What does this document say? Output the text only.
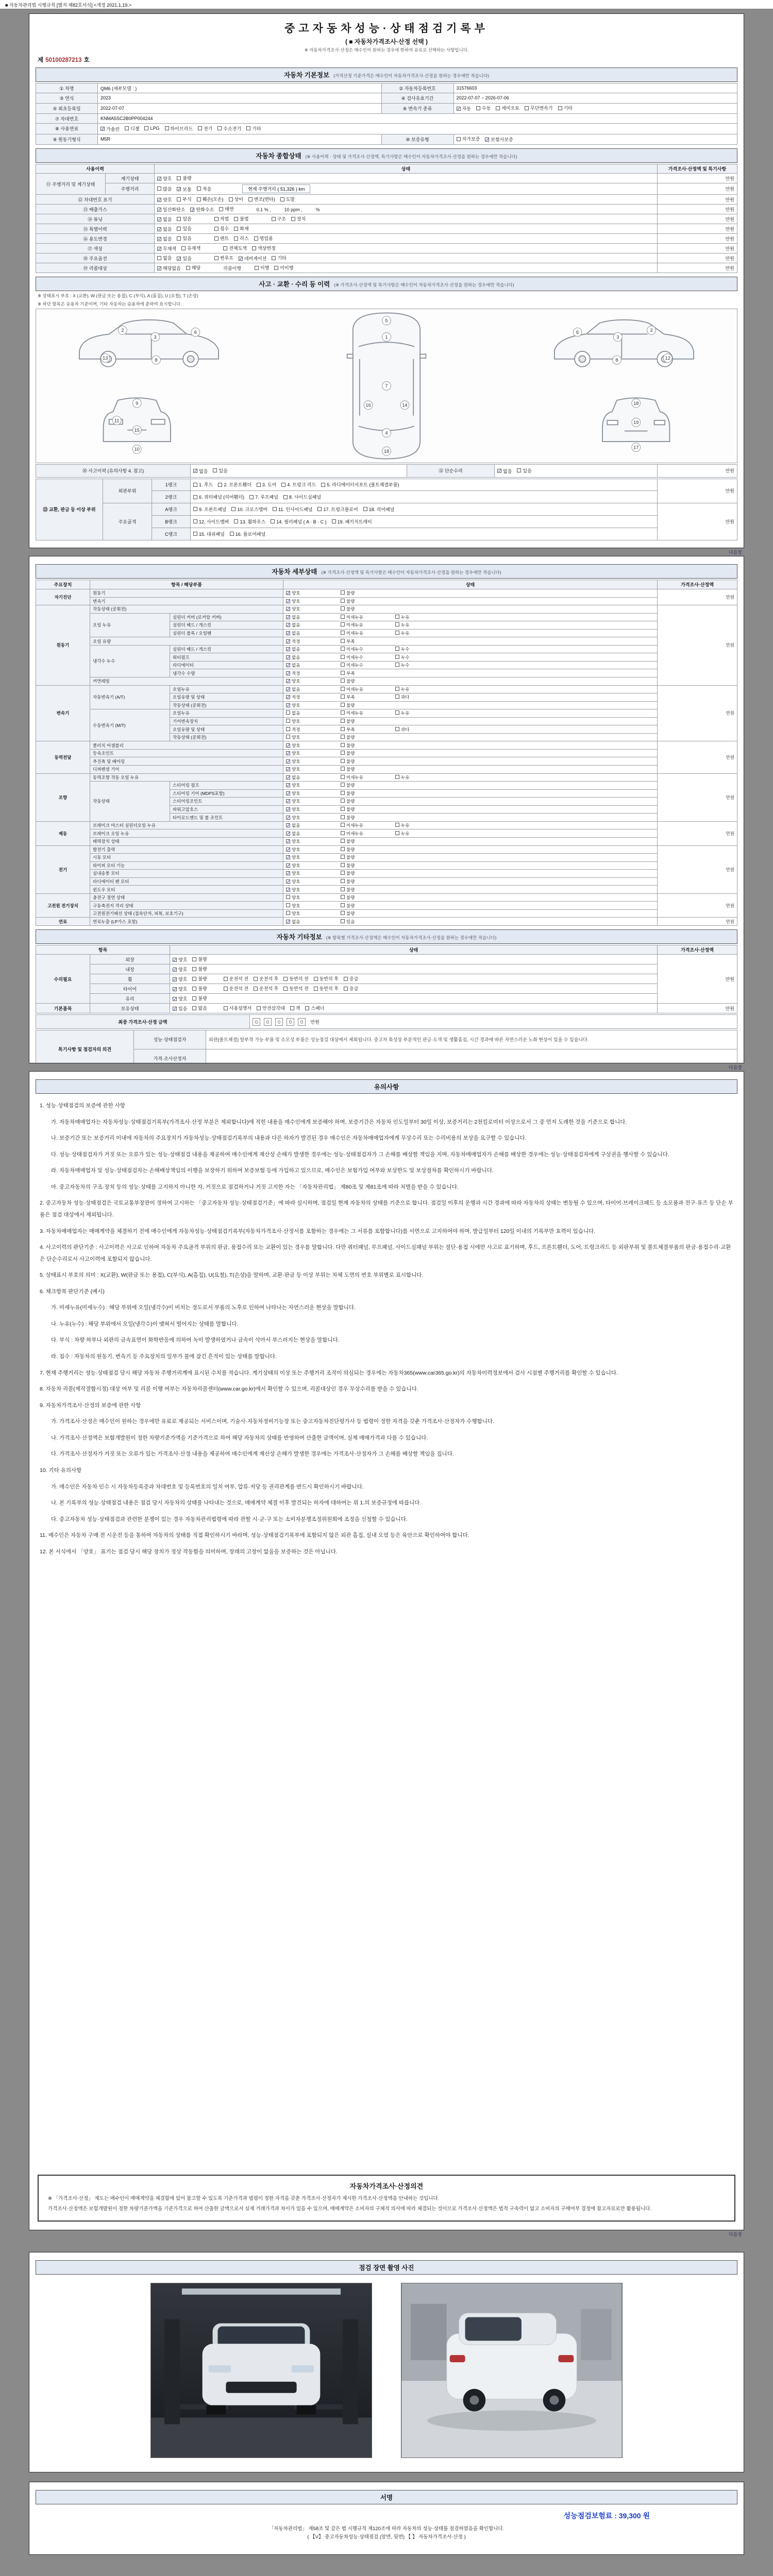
■ 자동차관리법 시행규칙 [별지 제82호서식] <개정 2021.1.19.>
중고자동차성능·상태점검기록부
( ■ 자동차가격조사·산정 선택 )
※ 자동차가격조사·산정은 매수인이 원하는 경우에 한하여 유료로 선택하는 사항입니다.
제 50100287213 호
자동차 기본정보 (가격산정 기준가격은 매수인이 자동차가격조사·산정을 원하는 경우에만 적습니다)
① 차명	QM6 (세부모델 : )	② 자동차등록번호	31576603
③ 연식	2023	④ 검사유효기간	2022-07-07 ~ 2026-07-06
⑤ 최초등록일	2022-07-07	⑥ 변속기 종류	✓ 자동 수동 세미오토 무단변속기 기타

⑦ 차대번호	KNMA5SC2B0PP004244		
⑧ 사용연료	✓ 가솔린 디젤 LPG 하이브리드 전기 수소전기 기타

⑨ 원동기형식	M5R	⑩ 보증유형	자가보증 ✓ 보험사보증
자동차 종합상태 (※ 사용이력 · 상태 및 가격조사·산정액, 특기사항은 매수인이 자동차가격조사·산정을 원하는 경우에만 적습니다)
사용이력		상태	가격조사·산정액 및 특기사항
⑪ 주행거리 및 계기상태	계기상태	✓ 양호 불량	만원
	주행거리	많음 ✓ 보통 적음 현재 주행거리 ( 51,326 ) km	만원
⑫ 차대번호 표기	✓ 양호 부식 훼손(오손) 상이 변조(변타) 도말	만원
⑬ 배출가스	✓ 일산화탄소 ✓ 탄화수소 매연	0.1 % ,	10 ppm ,	%	만원
⑭ 튜닝	✓ 없음 있음	적법 불법	구조 장치	만원
⑮ 특별이력		✓ 없음 있음 침수 화재	만원
⑯ 용도변경	✓ 없음 있음	렌트 리스 영업용	만원
⑰ 색상		✓ 무채색 유채색 전체도색 색상변경	만원
⑱ 주요옵션	없음 ✓ 있음	썬루프 ✓ 네비게이션 기타	만원
⑲ 리콜대상	✓ 해당없음 해당	리콜이행	이행 미이행	만원
사고 · 교환 · 수리 등 이력 (※ 가격조사·산정액 및 특기사항은 매수인이 자동차가격조사·산정을 원하는 경우에만 적습니다)
※ 상태표시 부호 : X (교환), W (판금 또는 용접), C (부식), A (흠집), U (요철), T (손상)
※ 하단 항목은 승용차 기준이며, 기타 자동차는 승용차에 준하여 표시합니다.
2
3
6
8
13
5
1
7
4
18
16	14
2
3
6
8	12
9
11
15
10
18
19
17
⑳ 사고이력 (유의사항 4. 참고)	✓ 없음 있음	㉑ 단순수리	✓ 없음 있음	만원
㉒ 교환, 판금 등 이상 부위	외판부위	1랭크	1. 후드 2. 프론트휀더 3. 도어 4. 트렁크 리드 5. 라디에이터서포트 (볼트체결부품)	만원
		2랭크	6. 쿼터패널 (리어휀더) 7. 루프패널 8. 사이드실패널	

	주요골격	A랭크	9. 프론트패널 10. 크로스멤버 11. 인사이드패널 17. 트렁크플로어 18. 리어패널	만원
		B랭크	12. 사이드멤버 13. 휠하우스 14. 필러패널 ( A · B · C ) 19. 패키지트레이	

		C랭크	15. 대쉬패널 16. 플로어패널	
다음장
자동차 세부상태 (※ 가격조사·산정액 및 특기사항은 매수인이 자동차가격조사·산정을 원하는 경우에만 적습니다)
주요장치	항목 / 해당부품		상태	가격조사·산정액
자기진단	원동기		✓ 양호 불량	만원
	변속기		✓ 양호 불량	
원동기	작동상태 (공회전)		✓ 양호 불량	만원
	오일 누유	실린더 커버 (로커암 커버)	✓ 없음 미세누유 누유	
		실린더 헤드 / 개스킷	✓ 없음 미세누유 누유	
		실린더 블록 / 오일팬	✓ 없음 미세누유 누유	
	오일 유량		✓ 적정 부족	
	냉각수 누수	실린더 헤드 / 개스킷	✓ 없음 미세누수 누수	
		워터펌프	✓ 없음 미세누수 누수	
		라디에이터	✓ 없음 미세누수 누수	
		냉각수 수량	✓ 적정 부족	
	커먼레일		✓ 양호 불량	
변속기	자동변속기 (A/T)	오일누유	✓ 없음 미세누유 누유	만원
		오일유량 및 상태	✓ 적정 부족 과다	
		작동상태 (공회전)	✓ 양호 불량	
	수동변속기 (M/T)	오일누유	없음 미세누유 누유	
		기어변속장치	양호 불량	
		오일유량 및 상태	적정 부족 과다	
		작동상태 (공회전)	양호 불량	
동력전달	클러치 어셈블리		✓ 양호 불량	만원
	등속조인트		✓ 양호 불량	
	추진축 및 베어링		✓ 양호 불량	
	디퍼렌셜 기어		✓ 양호 불량	
조향	동력조향 작동 오일 누유		✓ 없음 미세누유 누유	만원
	작동상태	스티어링 펌프	✓ 양호 불량	
		스티어링 기어 (MDPS포함)	✓ 양호 불량	
		스티어링조인트	✓ 양호 불량	
		파워고압호스	✓ 양호 불량	
		타이로드엔드 및 볼 조인트	✓ 양호 불량	
제동	브레이크 마스터 실린더오일 누유		✓ 없음 미세누유 누유	만원
	브레이크 오일 누유		✓ 없음 미세누유 누유	
	배력장치 상태		✓ 양호 불량	
전기	발전기 출력		✓ 양호 불량	만원
	시동 모터		✓ 양호 불량	
	와이퍼 모터 기능		✓ 양호 불량	
	실내송풍 모터		✓ 양호 불량	
	라디에이터 팬 모터		✓ 양호 불량	
	윈도우 모터		✓ 양호 불량	
고전원 전기장치	충전구 절연 상태		양호 불량	만원
	구동축전지 격리 상태		양호 불량	
	고전원전기배선 상태 (접속단자, 피복, 보호기구)		양호 불량	
연료	연료누출 (LP가스 포함)		✓ 없음 있음	만원
자동차 기타정보 (※ 항목별 가격조사·산정액은 매수인이 자동차가격조사·산정을 원하는 경우에만 적습니다)
항목		상태	가격조사·산정액
수리필요	외장	✓ 양호 불량	만원
	내장	✓ 양호 불량	

휠	✓ 양호 불량	운전석 전 운전석 후 동반석 전 동반석 후 응급

타이어	✓ 양호 불량	운전석 전 운전석 후 동반석 전 동반석 후 응급

	유리	✓ 양호 불량	

기본품목	보유상태	✓ 있음 없음	사용설명서 안전삼각대 잭 스패너	만원
최종 가격조사·산정 금액	0 0 0 0 0 만원
특기사항 및 점검자의 의견	성능·상태점검자	외판(볼트체결) 탈부착 가능 부품 및 소모성 부품은 성능점검 대상에서 제외됩니다. 중고차 특성상 부분적인 판금·도색 및 생활흠집, 시간 경과에 따른 자연스러운 노화 현상이 있을 수 있습니다.
	가격·조사산정자	
다음장
유의사항
1. 성능·상태점검의 보증에 관한 사항
가. 자동차매매업자는 자동차성능·상태점검기록부(가격조사·산정 부분은 제외합니다)에 적힌 내용을 매수인에게 보증해야 하며, 보증기간은 자동차 인도일부터 30일 이상, 보증거리는 2천킬로미터 이상으로서 그 중 먼저 도래한 것을 기준으로 합니다.
나. 보증기간 또는 보증거리 이내에 자동차의 주요장치가 자동차성능·상태점검기록부의 내용과 다른 하자가 발견된 경우 매수인은 자동차매매업자에게 무상수리 또는 수리비용의 보상을 요구할 수 있습니다.
다. 성능·상태점검자가 거짓 또는 오류가 있는 성능·상태점검 내용을 제공하여 매수인에게 재산상 손해가 발생한 경우에는 성능·상태점검자가 그 손해를 배상할 책임을 지며, 자동차매매업자가 손해를 배상한 경우에는 성능·상태점검자에게 구상권을 행사할 수 있습니다.
라. 자동차매매업자 및 성능·상태점검자는 손해배상책임의 이행을 보장하기 위하여 보증보험 등에 가입하고 있으므로, 매수인은 보험가입 여부와 보상한도 및 보상절차를 확인하시기 바랍니다.
마. 중고자동차의 구조·장치 등의 성능·상태를 고지하지 아니한 자, 거짓으로 점검하거나 거짓 고지한 자는 「자동차관리법」 제80조 및 제81조에 따라 처벌을 받을 수 있습니다.
2. 중고자동차 성능·상태점검은 국토교통부장관이 정하여 고시하는 「중고자동차 성능·상태점검기준」에 따라 실시하며, 점검일 현재 자동차의 상태를 기준으로 합니다. 점검일 이후의 운행과 시간 경과에 따라 자동차의 상태는 변동될 수 있으며, 타이어·브레이크패드 등 소모품과 전구·퓨즈 등 단순 부품은 점검 대상에서 제외됩니다.
3. 자동차매매업자는 매매계약을 체결하기 전에 매수인에게 자동차성능·상태점검기록부(자동차가격조사·산정서를 포함하는 경우에는 그 서류를 포함합니다)를 서면으로 고지하여야 하며, 발급일부터 120일 이내의 기록부만 효력이 있습니다.
4. 사고이력의 판단기준 : 사고이력은 사고로 인하여 자동차 주요골격 부위의 판금, 용접수리 또는 교환이 있는 경우를 말합니다. 다만 쿼터패널, 루프패널, 사이드실패널 부위는 절단·용접 시에만 사고로 표기하며, 후드, 프론트휀더, 도어, 트렁크리드 등 외판부위 및 볼트체결부품의 판금·용접수리·교환은 단순수리로서 사고이력에 포함되지 않습니다.
5. 상태표시 부호의 의미 : X(교환), W(판금 또는 용접), C(부식), A(흠집), U(요철), T(손상)을 말하며, 교환·판금 등 이상 부위는 차체 도면의 번호 부위별로 표시합니다.
6. 체크항목 판단기준 (예시)
가. 미세누유(미세누수) : 해당 부위에 오일(냉각수)이 비치는 정도로서 부품의 노후로 인하여 나타나는 자연스러운 현상을 말합니다.
나. 누유(누수) : 해당 부위에서 오일(냉각수)이 맺혀서 떨어지는 상태를 말합니다.
다. 부식 : 차량 하부나 외판의 금속표면이 화학반응에 의하여 녹이 발생하였거나 금속이 삭아서 부스러지는 현상을 말합니다.
라. 침수 : 자동차의 원동기, 변속기 등 주요장치의 일부가 물에 잠긴 흔적이 있는 상태를 말합니다.
7. 현재 주행거리는 성능·상태점검 당시 해당 자동차 주행거리계에 표시된 수치를 적습니다. 계기상태의 이상 또는 주행거리 조작이 의심되는 경우에는 자동차365(www.car365.go.kr)의 자동차이력정보에서 검사 시점별 주행거리를 확인할 수 있습니다.
8. 자동차 리콜(제작결함시정) 대상 여부 및 리콜 이행 여부는 자동차리콜센터(www.car.go.kr)에서 확인할 수 있으며, 리콜대상인 경우 무상수리를 받을 수 있습니다.
9. 자동차가격조사·산정의 보증에 관한 사항
가. 가격조사·산정은 매수인이 원하는 경우에만 유료로 제공되는 서비스이며, 기술사·자동차정비기능장 또는 중고자동차진단평가사 등 법령이 정한 자격을 갖춘 가격조사·산정자가 수행합니다.
나. 가격조사·산정액은 보험개발원이 정한 차량기준가액을 기준가격으로 하여 해당 자동차의 상태를 반영하여 산출한 금액이며, 실제 매매가격과 다를 수 있습니다.
다. 가격조사·산정자가 거짓 또는 오류가 있는 가격조사·산정 내용을 제공하여 매수인에게 재산상 손해가 발생한 경우에는 가격조사·산정자가 그 손해를 배상할 책임을 집니다.
10. 기타 유의사항
가. 매수인은 자동차 인수 시 자동차등록증과 차대번호 및 등록번호의 일치 여부, 압류·저당 등 권리관계를 반드시 확인하시기 바랍니다.
나. 본 기록부의 성능·상태점검 내용은 점검 당시 자동차의 상태를 나타내는 것으로, 매매계약 체결 이후 발견되는 하자에 대하여는 위 1.의 보증규정에 따릅니다.
다. 중고자동차 성능·상태점검과 관련한 분쟁이 있는 경우 자동차관리법령에 따라 관할 시·군·구 또는 소비자분쟁조정위원회에 조정을 신청할 수 있습니다.
11. 매수인은 자동차 구매 전 시운전 등을 통하여 자동차의 상태를 직접 확인하시기 바라며, 성능·상태점검기록부에 포함되지 않은 외관 흠집, 실내 오염 등은 육안으로 확인하여야 합니다.
12. 본 서식에서 「양호」 표기는 점검 당시 해당 장치가 정상 작동함을 의미하며, 장래의 고장이 없음을 보증하는 것은 아닙니다.
자동차가격조사·산정의견
※ 「가격조사·산정」 제도는 매수인이 매매계약을 체결함에 있어 참고할 수 있도록 기준가격과 법령이 정한 자격을 갖춘 가격조사·산정자가 제시한 가격조사·산정액을 안내하는 것입니다.
가격조사·산정액은 보험개발원이 정한 차량기준가액을 기준가격으로 하여 산출한 금액으로서 실제 거래가격과 차이가 있을 수 있으며, 매매계약은 소비자의 구체적 의사에 따라 체결되는 것이므로 가격조사·산정액은 법적 구속력이 없고 소비자의 구매여부 결정에 참고자료로만 활용됩니다.
다음장
점검 장면 촬영 사진
서명
성능점검보험료 : 39,300 원
「자동차관리법」 제58조 및 같은 법 시행규칙 제120조에 따라 자동차의 성능·상태를 점검하였음을 확인합니다.
( 【V】 중고자동차성능·상태점검 (앞면, 뒷면) 【 】 자동차가격조사·산정 )
